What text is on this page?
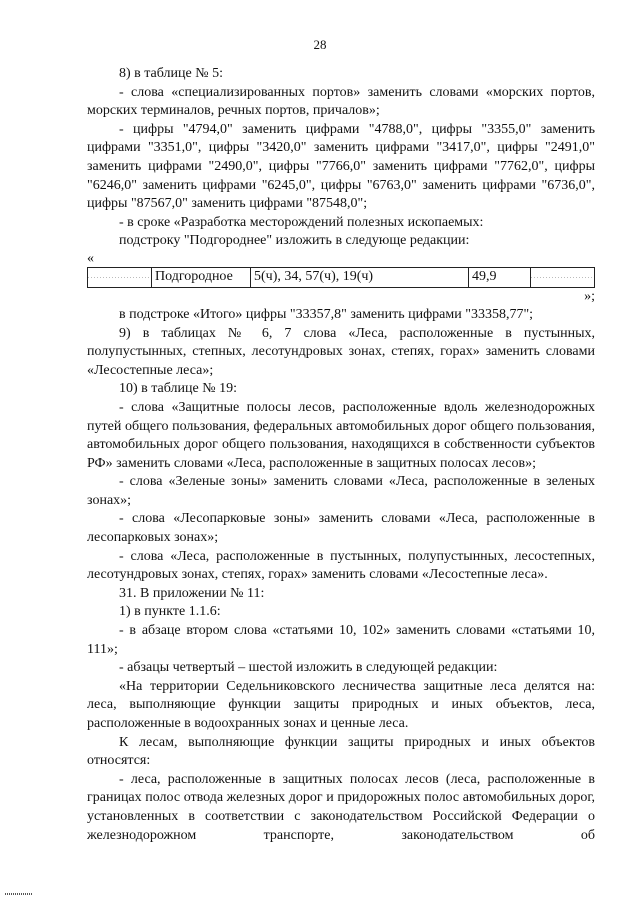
28

8) в таблице № 5:

- слова «специализированных портов» заменить словами «морских портов, морских терминалов, речных портов, причалов»;

- цифры "4794,0" заменить цифрами "4788,0", цифры "3355,0" заменить цифрами "3351,0", цифры "3420,0" заменить цифрами "3417,0", цифры "2491,0" заменить цифрами "2490,0", цифры "7766,0" заменить цифрами "7762,0", цифры "6246,0" заменить цифрами "6245,0", цифры "6763,0" заменить цифрами "6736,0", цифры "87567,0" заменить цифрами "87548,0";

- в сроке «Разработка месторождений полезных ископаемых:

подстроку "Подгороднее" изложить в следующе редакции:

«

	Подгородное	5(ч), 34, 57(ч), 19(ч)	49,9	

»;

в подстроке «Итого» цифры "33357,8" заменить цифрами "33358,77";

9) в таблицах № 6, 7 слова «Леса, расположенные в пустынных, полупустынных, степных, лесотундровых зонах, степях, горах» заменить словами «Лесостепные леса»;

10) в таблице № 19:

- слова «Защитные полосы лесов, расположенные вдоль железнодорожных путей общего пользования, федеральных автомобильных дорог общего пользования, автомобильных дорог общего пользования, находящихся в собственности субъектов РФ» заменить словами «Леса, расположенные в защитных полосах лесов»;

- слова «Зеленые зоны» заменить словами «Леса, расположенные в зеленых зонах»;

- слова «Лесопарковые зоны» заменить словами «Леса, расположенные в лесопарковых зонах»;

- слова «Леса, расположенные в пустынных, полупустынных, лесостепных, лесотундровых зонах, степях, горах» заменить словами «Лесостепные леса».

31. В приложении № 11:

1) в пункте 1.1.6:

- в абзаце втором слова «статьями 10, 102» заменить словами «статьями 10, 111»;

- абзацы четвертый – шестой изложить в следующей редакции:

«На территории Седельниковского лесничества защитные леса делятся на: леса, выполняющие функции защиты природных и иных объектов, леса, расположенные в водоохранных зонах и ценные леса.

К лесам, выполняющие функции защиты природных и иных объектов относятся:

- леса, расположенные в защитных полосах лесов (леса, расположенные в границах полос отвода железных дорог и придорожных полос автомобильных дорог, установленных в соответствии с законодательством Российской Федерации о железнодорожном транспорте, законодательством об
